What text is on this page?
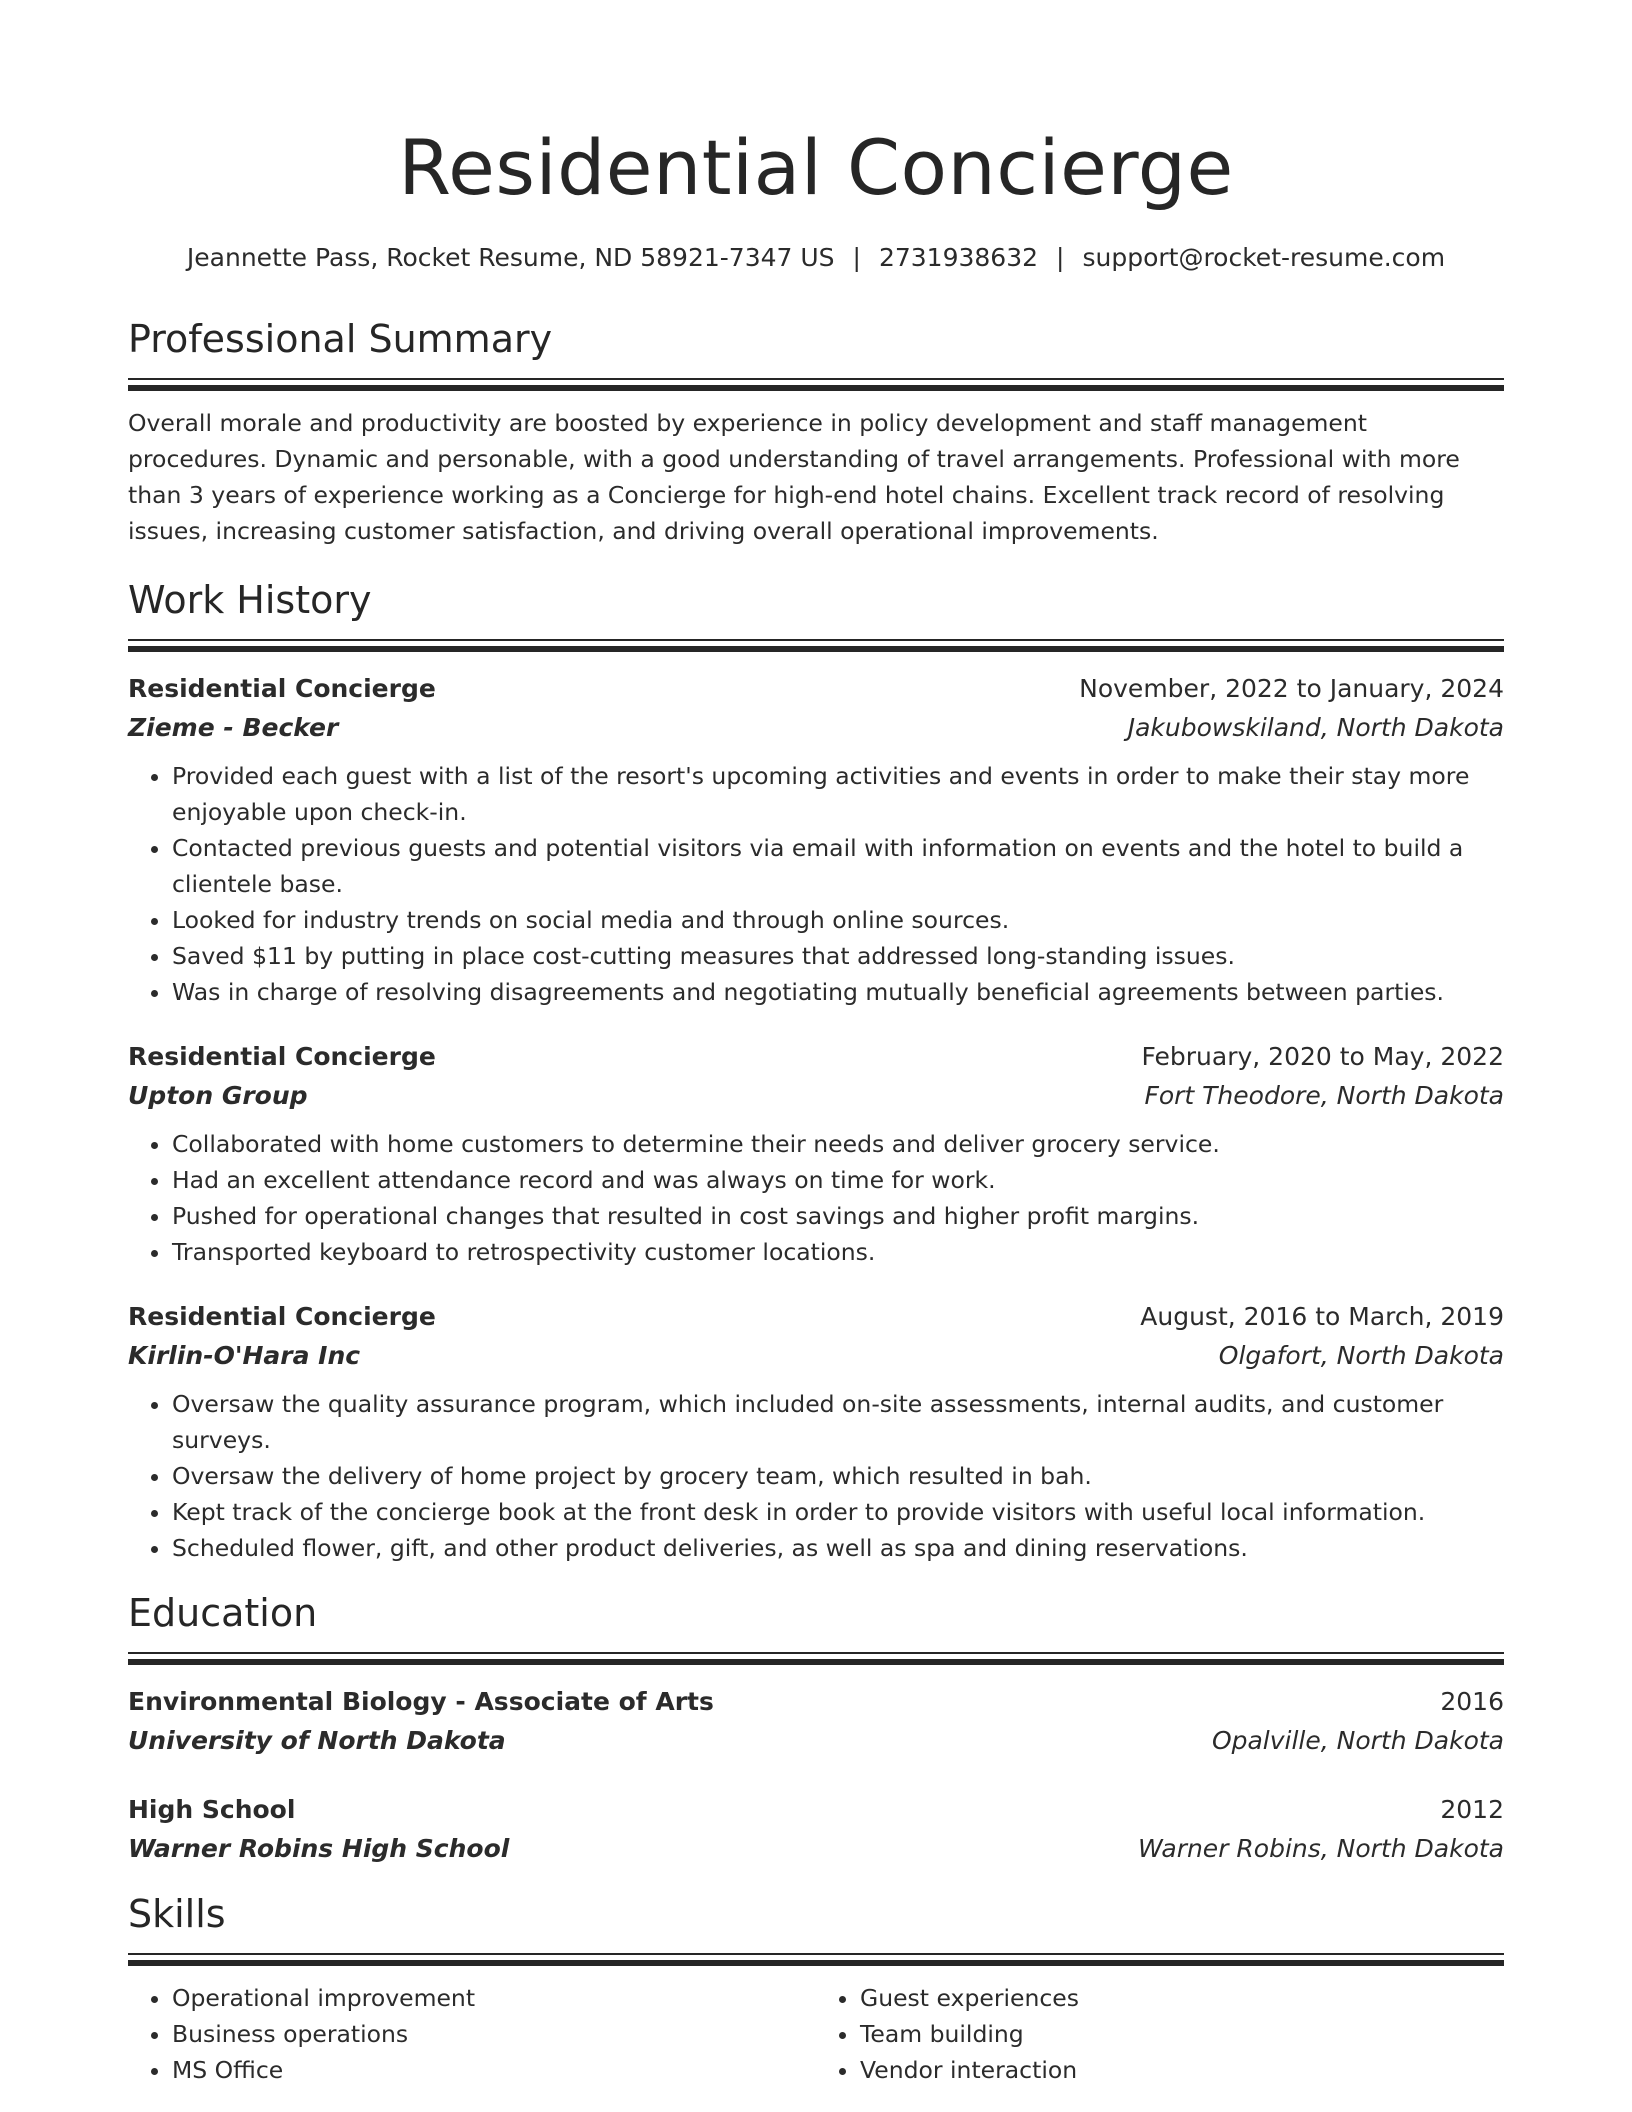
Residential Concierge
Jeannette Pass, Rocket Resume, ND 58921-7347 US | 2731938632 | support@rocket-resume.com
Professional Summary

Overall morale and productivity are boosted by experience in policy development and staff management procedures. Dynamic and personable, with a good understanding of travel arrangements. Professional with more than 3 years of experience working as a Concierge for high-end hotel chains. Excellent track record of resolving issues, increasing customer satisfaction, and driving overall operational improvements.

Work History
Residential Concierge	November, 2022 to January, 2024
Zieme - Becker	Jakubowskiland, North Dakota
• Provided each guest with a list of the resort's upcoming activities and events in order to make their stay more enjoyable upon check-in.
• Contacted previous guests and potential visitors via email with information on events and the hotel to build a clientele base.
• Looked for industry trends on social media and through online sources.
• Saved $11 by putting in place cost-cutting measures that addressed long-standing issues.
• Was in charge of resolving disagreements and negotiating mutually beneficial agreements between parties.
Residential Concierge	February, 2020 to May, 2022
Upton Group	Fort Theodore, North Dakota
• Collaborated with home customers to determine their needs and deliver grocery service.
• Had an excellent attendance record and was always on time for work.
• Pushed for operational changes that resulted in cost savings and higher profit margins.
• Transported keyboard to retrospectivity customer locations.
Residential Concierge	August, 2016 to March, 2019
Kirlin-O'Hara Inc	Olgafort, North Dakota
• Oversaw the quality assurance program, which included on-site assessments, internal audits, and customer surveys.
• Oversaw the delivery of home project by grocery team, which resulted in bah.
• Kept track of the concierge book at the front desk in order to provide visitors with useful local information.
• Scheduled flower, gift, and other product deliveries, as well as spa and dining reservations.
Education
Environmental Biology - Associate of Arts	2016
University of North Dakota	Opalville, North Dakota
High School	2012
Warner Robins High School	Warner Robins, North Dakota
Skills
• Operational improvement
• Business operations
• MS Office
• Guest experiences
• Team building
• Vendor interaction
